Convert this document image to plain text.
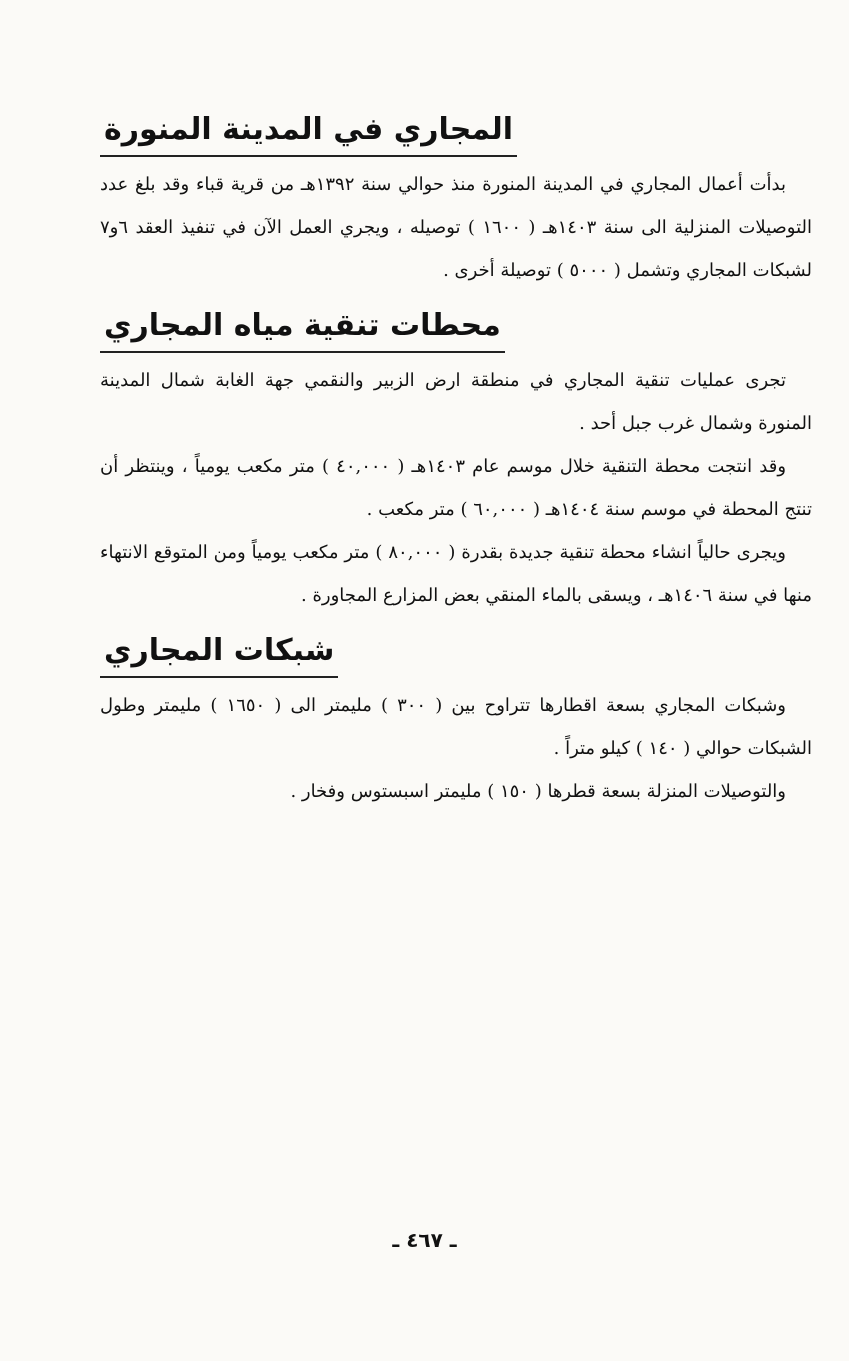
المجاري في المدينة المنورة

بدأت أعمال المجاري في المدينة المنورة منذ حوالي سنة ١٣٩٢هـ من قرية قباء وقد بلغ عدد التوصيلات المنزلية الى سنة ١٤٠٣هـ ( ١٦٠٠ ) توصيله ، ويجري العمل الآن في تنفيذ العقد ٦و٧ لشبكات المجاري وتشمل ( ٥٠٠٠ ) توصيلة أخرى .

محطات تنقية مياه المجاري

تجرى عمليات تنقية المجاري في منطقة ارض الزبير والنقمي جهة الغابة شمال المدينة المنورة وشمال غرب جبل أحد .

وقد انتجت محطة التنقية خلال موسم عام ١٤٠٣هـ ( ٤٠,٠٠٠ ) متر مكعب يومياً ، وينتظر أن تنتج المحطة في موسم سنة ١٤٠٤هـ ( ٦٠,٠٠٠ ) متر مكعب .

ويجرى حالياً انشاء محطة تنقية جديدة بقدرة ( ٨٠,٠٠٠ ) متر مكعب يومياً ومن المتوقع الانتهاء منها في سنة ١٤٠٦هـ ، ويسقى بالماء المنقي بعض المزارع المجاورة .

شبكات المجاري

وشبكات المجاري بسعة اقطارها تتراوح بين ( ٣٠٠ ) مليمتر الى ( ١٦٥٠ ) مليمتر وطول الشبكات حوالي ( ١٤٠ ) كيلو متراً .

والتوصيلات المنزلة بسعة قطرها ( ١٥٠ ) مليمتر اسبستوس وفخار .

ـ ٤٦٧ ـ
